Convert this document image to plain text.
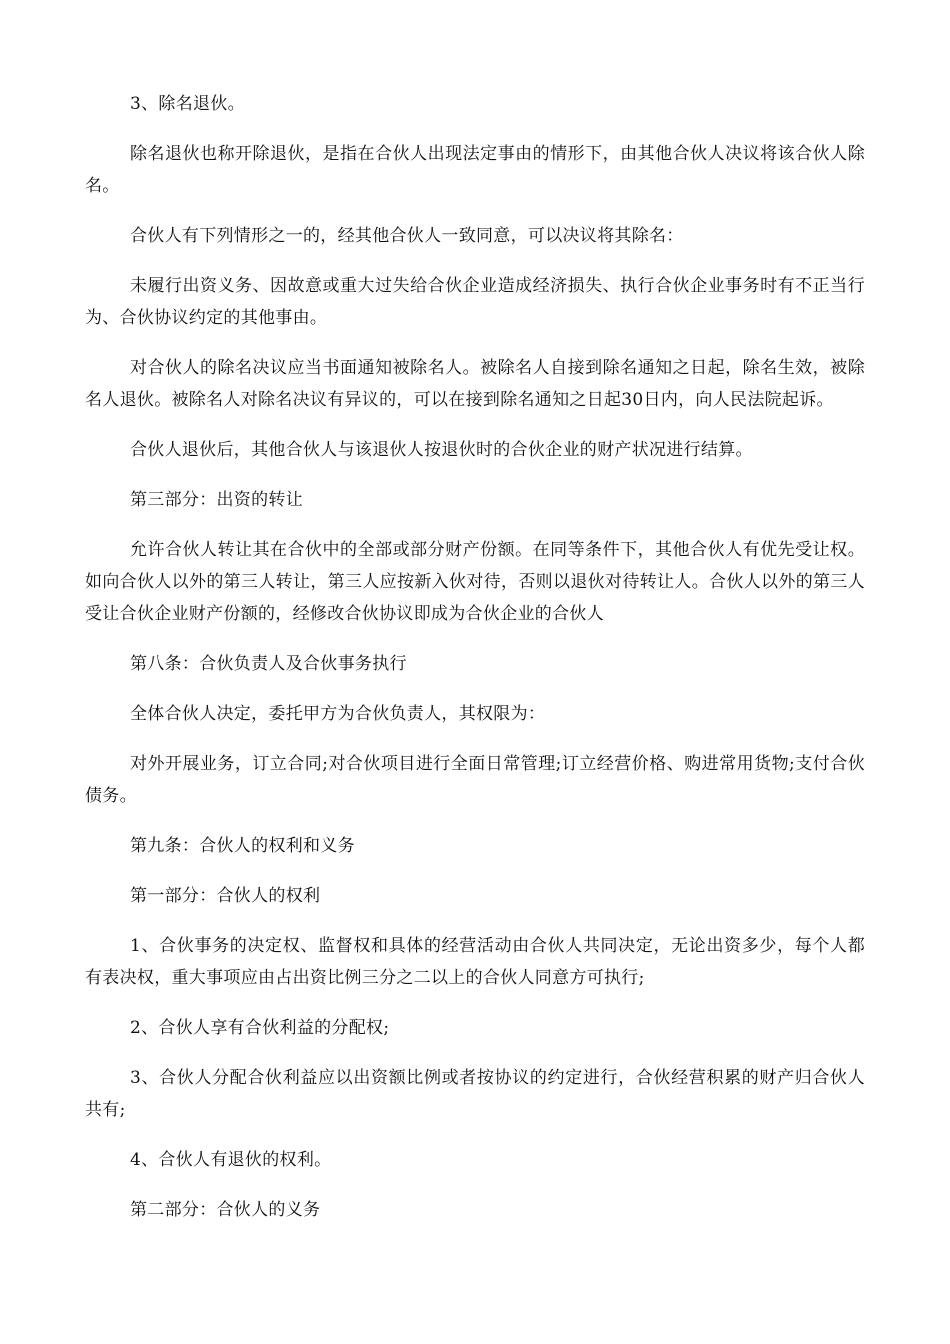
3、除名退伙。

除名退伙也称开除退伙，是指在合伙人出现法定事由的情形下，由其他合伙人决议将该合伙人除名。

合伙人有下列情形之一的，经其他合伙人一致同意，可以决议将其除名：

未履行出资义务、因故意或重大过失给合伙企业造成经济损失、执行合伙企业事务时有不正当行为、合伙协议约定的其他事由。

对合伙人的除名决议应当书面通知被除名人。被除名人自接到除名通知之日起，除名生效，被除名人退伙。被除名人对除名决议有异议的，可以在接到除名通知之日起30日内，向人民法院起诉。

合伙人退伙后，其他合伙人与该退伙人按退伙时的合伙企业的财产状况进行结算。

第三部分：出资的转让

允许合伙人转让其在合伙中的全部或部分财产份额。在同等条件下，其他合伙人有优先受让权。如向合伙人以外的第三人转让，第三人应按新入伙对待，否则以退伙对待转让人。合伙人以外的第三人受让合伙企业财产份额的，经修改合伙协议即成为合伙企业的合伙人

第八条：合伙负责人及合伙事务执行

全体合伙人决定，委托甲方为合伙负责人，其权限为：

对外开展业务，订立合同;对合伙项目进行全面日常管理;订立经营价格、购进常用货物;支付合伙债务。

第九条：合伙人的权利和义务

第一部分：合伙人的权利

1、合伙事务的决定权、监督权和具体的经营活动由合伙人共同决定，无论出资多少，每个人都有表决权，重大事项应由占出资比例三分之二以上的合伙人同意方可执行;

2、合伙人享有合伙利益的分配权;

3、合伙人分配合伙利益应以出资额比例或者按协议的约定进行，合伙经营积累的财产归合伙人共有;

4、合伙人有退伙的权利。

第二部分：合伙人的义务
